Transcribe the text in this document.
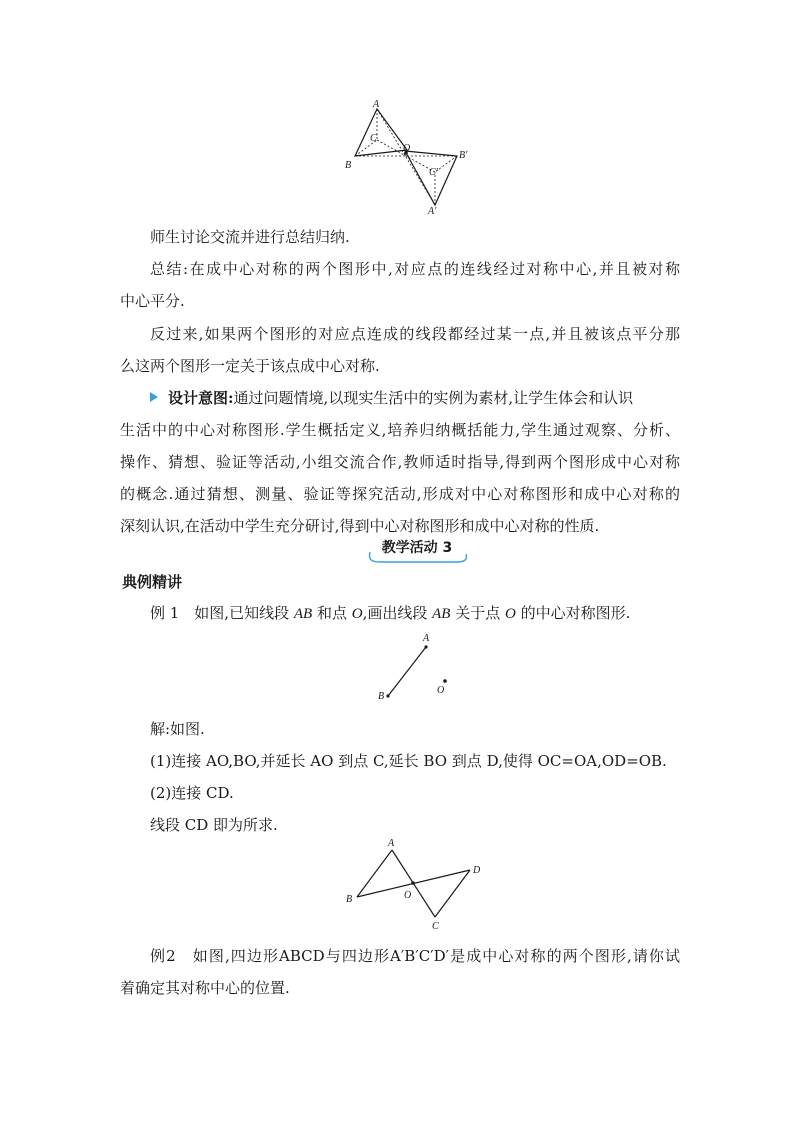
A
C
B
O
B′
C′
A′
师生讨论交流并进行总结归纳.
总结:在成中心对称的两个图形中,对应点的连线经过对称中心,并且被对称
中心平分.
反过来,如果两个图形的对应点连成的线段都经过某一点,并且被该点平分那
么这两个图形一定关于该点成中心对称.
设计意图:通过问题情境,以现实生活中的实例为素材,让学生体会和认识
生活中的中心对称图形.学生概括定义,培养归纳概括能力,学生通过观察、分析、
操作、猜想、验证等活动,小组交流合作,教师适时指导,得到两个图形成中心对称
的概念.通过猜想、测量、验证等探究活动,形成对中心对称图形和成中心对称的
深刻认识,在活动中学生充分研讨,得到中心对称图形和成中心对称的性质.
教学活动 3
典例精讲
例 1　如图,已知线段 AB 和点 O,画出线段 AB 关于点 O 的中心对称图形.
A
B
O
解:如图.
(1)连接 AO,BO,并延长 AO 到点 C,延长 BO 到点 D,使得 OC=OA,OD=OB.
(2)连接 CD.
线段 CD 即为所求.
A
B	O
C
D
例2　如图,四边形ABCD与四边形A′B′C′D′是成中心对称的两个图形,请你试
着确定其对称中心的位置.
